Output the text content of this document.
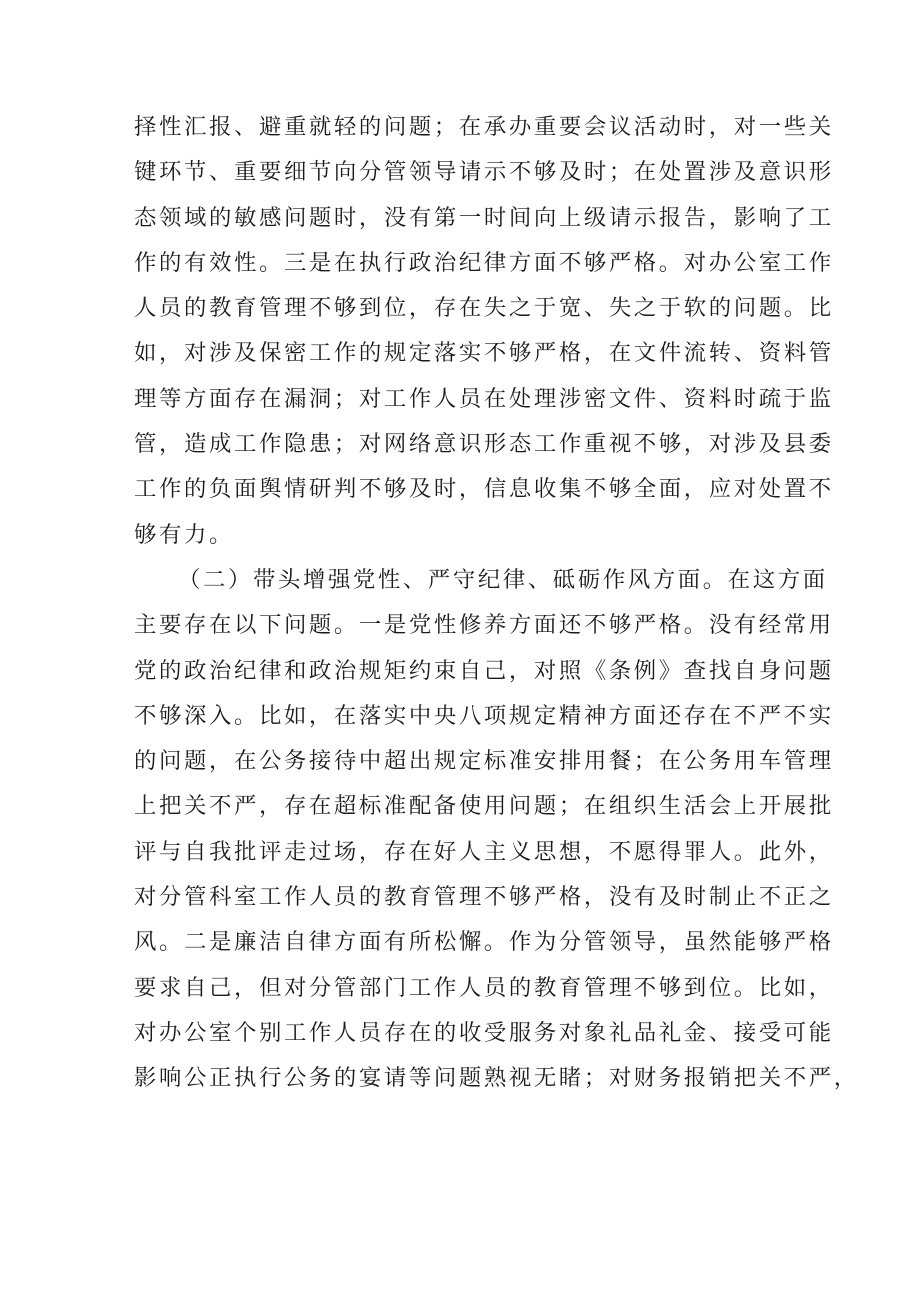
择性汇报、避重就轻的问题；在承办重要会议活动时，对一些关
键环节、重要细节向分管领导请示不够及时；在处置涉及意识形
态领域的敏感问题时，没有第一时间向上级请示报告，影响了工
作的有效性。三是在执行政治纪律方面不够严格。对办公室工作
人员的教育管理不够到位，存在失之于宽、失之于软的问题。比
如，对涉及保密工作的规定落实不够严格，在文件流转、资料管
理等方面存在漏洞；对工作人员在处理涉密文件、资料时疏于监
管，造成工作隐患；对网络意识形态工作重视不够，对涉及县委
工作的负面舆情研判不够及时，信息收集不够全面，应对处置不
够有力。
（二）带头增强党性、严守纪律、砥砺作风方面。在这方面
主要存在以下问题。一是党性修养方面还不够严格。没有经常用
党的政治纪律和政治规矩约束自己，对照《条例》查找自身问题
不够深入。比如，在落实中央八项规定精神方面还存在不严不实
的问题，在公务接待中超出规定标准安排用餐；在公务用车管理
上把关不严，存在超标准配备使用问题；在组织生活会上开展批
评与自我批评走过场，存在好人主义思想，不愿得罪人。此外，
对分管科室工作人员的教育管理不够严格，没有及时制止不正之
风。二是廉洁自律方面有所松懈。作为分管领导，虽然能够严格
要求自己，但对分管部门工作人员的教育管理不够到位。比如，
对办公室个别工作人员存在的收受服务对象礼品礼金、接受可能
影响公正执行公务的宴请等问题熟视无睹；对财务报销把关不严，
